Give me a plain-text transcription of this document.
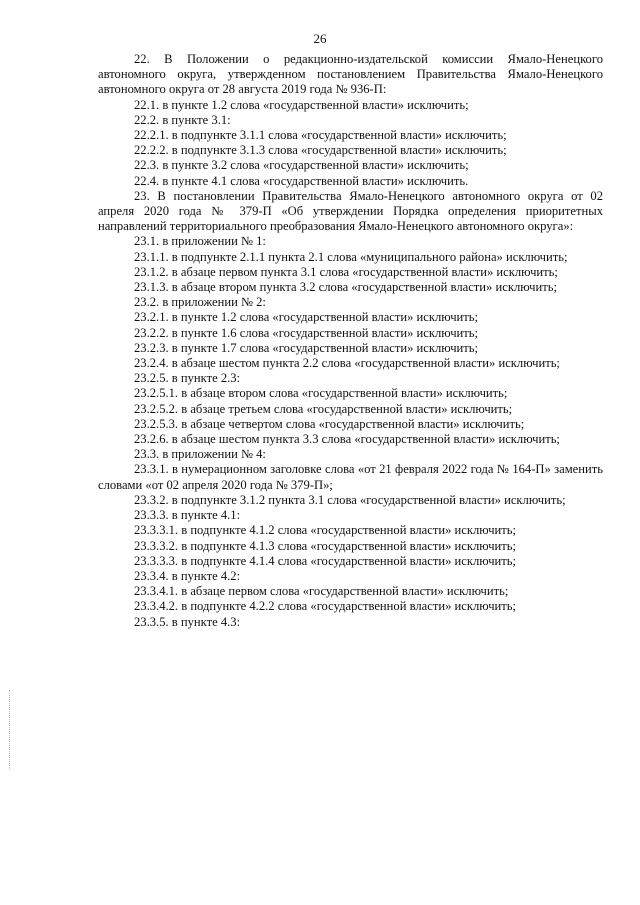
26

22. В Положении о редакционно-издательской комиссии Ямало-Ненецкого автономного округа, утвержденном постановлением Правительства Ямало-Ненецкого автономного округа от 28 августа 2019 года № 936-П:

22.1. в пункте 1.2 слова «государственной власти» исключить;

22.2. в пункте 3.1:

22.2.1. в подпункте 3.1.1 слова «государственной власти» исключить;

22.2.2. в подпункте 3.1.3 слова «государственной власти» исключить;

22.3. в пункте 3.2 слова «государственной власти» исключить;

22.4. в пункте 4.1 слова «государственной власти» исключить.

23. В постановлении Правительства Ямало-Ненецкого автономного округа от 02 апреля 2020 года № 379-П «Об утверждении Порядка определения приоритетных направлений территориального преобразования Ямало-Ненецкого автономного округа»:

23.1. в приложении № 1:

23.1.1. в подпункте 2.1.1 пункта 2.1 слова «муниципального района» исключить;

23.1.2. в абзаце первом пункта 3.1 слова «государственной власти» исключить;

23.1.3. в абзаце втором пункта 3.2 слова «государственной власти» исключить;

23.2. в приложении № 2:

23.2.1. в пункте 1.2 слова «государственной власти» исключить;

23.2.2. в пункте 1.6 слова «государственной власти» исключить;

23.2.3. в пункте 1.7 слова «государственной власти» исключить;

23.2.4. в абзаце шестом пункта 2.2 слова «государственной власти» исключить;

23.2.5. в пункте 2.3:

23.2.5.1. в абзаце втором слова «государственной власти» исключить;

23.2.5.2. в абзаце третьем слова «государственной власти» исключить;

23.2.5.3. в абзаце четвертом слова «государственной власти» исключить;

23.2.6. в абзаце шестом пункта 3.3 слова «государственной власти» исключить;

23.3. в приложении № 4:

23.3.1. в нумерационном заголовке слова «от 21 февраля 2022 года № 164-П» заменить словами «от 02 апреля 2020 года № 379-П»;

23.3.2. в подпункте 3.1.2 пункта 3.1 слова «государственной власти» исключить;

23.3.3. в пункте 4.1:

23.3.3.1. в подпункте 4.1.2 слова «государственной власти» исключить;

23.3.3.2. в подпункте 4.1.3 слова «государственной власти» исключить;

23.3.3.3. в подпункте 4.1.4 слова «государственной власти» исключить;

23.3.4. в пункте 4.2:

23.3.4.1. в абзаце первом слова «государственной власти» исключить;

23.3.4.2. в подпункте 4.2.2 слова «государственной власти» исключить;

23.3.5. в пункте 4.3:
